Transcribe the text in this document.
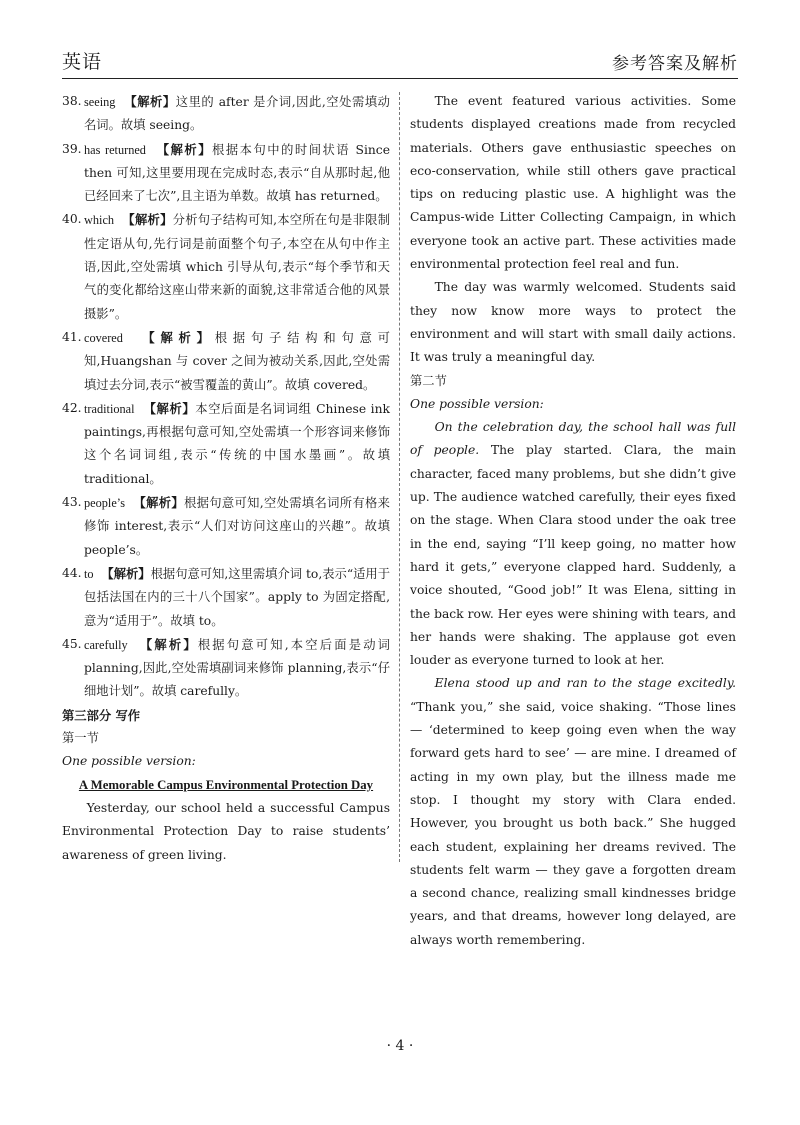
英语	参考答案及解析
38. seeing 【解析】这里的 after 是介词,因此,空处需填动名词。故填 seeing。
39. has returned 【解析】根据本句中的时间状语 Since then 可知,这里要用现在完成时态,表示“自从那时起,他已经回来了七次”,且主语为单数。故填 has returned。
40. which 【解析】分析句子结构可知,本空所在句是非限制性定语从句,先行词是前面整个句子,本空在从句中作主语,因此,空处需填 which 引导从句,表示“每个季节和天气的变化都给这座山带来新的面貌,这非常适合他的风景摄影”。
41. covered 【解析】根据句子结构和句意可知,Huangshan 与 cover 之间为被动关系,因此,空处需填过去分词,表示“被雪覆盖的黄山”。故填 covered。
42. traditional 【解析】本空后面是名词词组 Chinese ink paintings,再根据句意可知,空处需填一个形容词来修饰这个名词词组,表示“传统的中国水墨画”。故填 traditional。
43. people’s 【解析】根据句意可知,空处需填名词所有格来修饰 interest,表示“人们对访问这座山的兴趣”。故填 people’s。
44. to 【解析】根据句意可知,这里需填介词 to,表示“适用于包括法国在内的三十八个国家”。apply to 为固定搭配,意为“适用于”。故填 to。
45. carefully 【解析】根据句意可知,本空后面是动词 planning,因此,空处需填副词来修饰 planning,表示“仔细地计划”。故填 carefully。

第三部分 写作

第一节

One possible version:

A Memorable Campus Environmental Protection Day

Yesterday, our school held a successful Campus Environmental Protection Day to raise students’ awareness of green living.

The event featured various activities. Some students displayed creations made from recycled materials. Others gave enthusiastic speeches on eco-conservation, while still others gave practical tips on reducing plastic use. A highlight was the Campus-wide Litter Collecting Campaign, in which everyone took an active part. These activities made environmental protection feel real and fun.

The day was warmly welcomed. Students said they now know more ways to protect the environment and will start with small daily actions. It was truly a meaningful day.

第二节

One possible version:

On the celebration day, the school hall was full of people. The play started. Clara, the main character, faced many problems, but she didn’t give up. The audience watched carefully, their eyes fixed on the stage. When Clara stood under the oak tree in the end, saying “I’ll keep going, no matter how hard it gets,” everyone clapped hard. Suddenly, a voice shouted, “Good job!” It was Elena, sitting in the back row. Her eyes were shining with tears, and her hands were shaking. The applause got even louder as everyone turned to look at her.

Elena stood up and ran to the stage excitedly. “Thank you,” she said, voice shaking. “Those lines — ‘determined to keep going even when the way forward gets hard to see’ — are mine. I dreamed of acting in my own play, but the illness made me stop. I thought my story with Clara ended. However, you brought us both back.” She hugged each student, explaining her dreams revived. The students felt warm — they gave a forgotten dream a second chance, realizing small kindnesses bridge years, and that dreams, however long delayed, are always worth remembering.

· 4 ·
